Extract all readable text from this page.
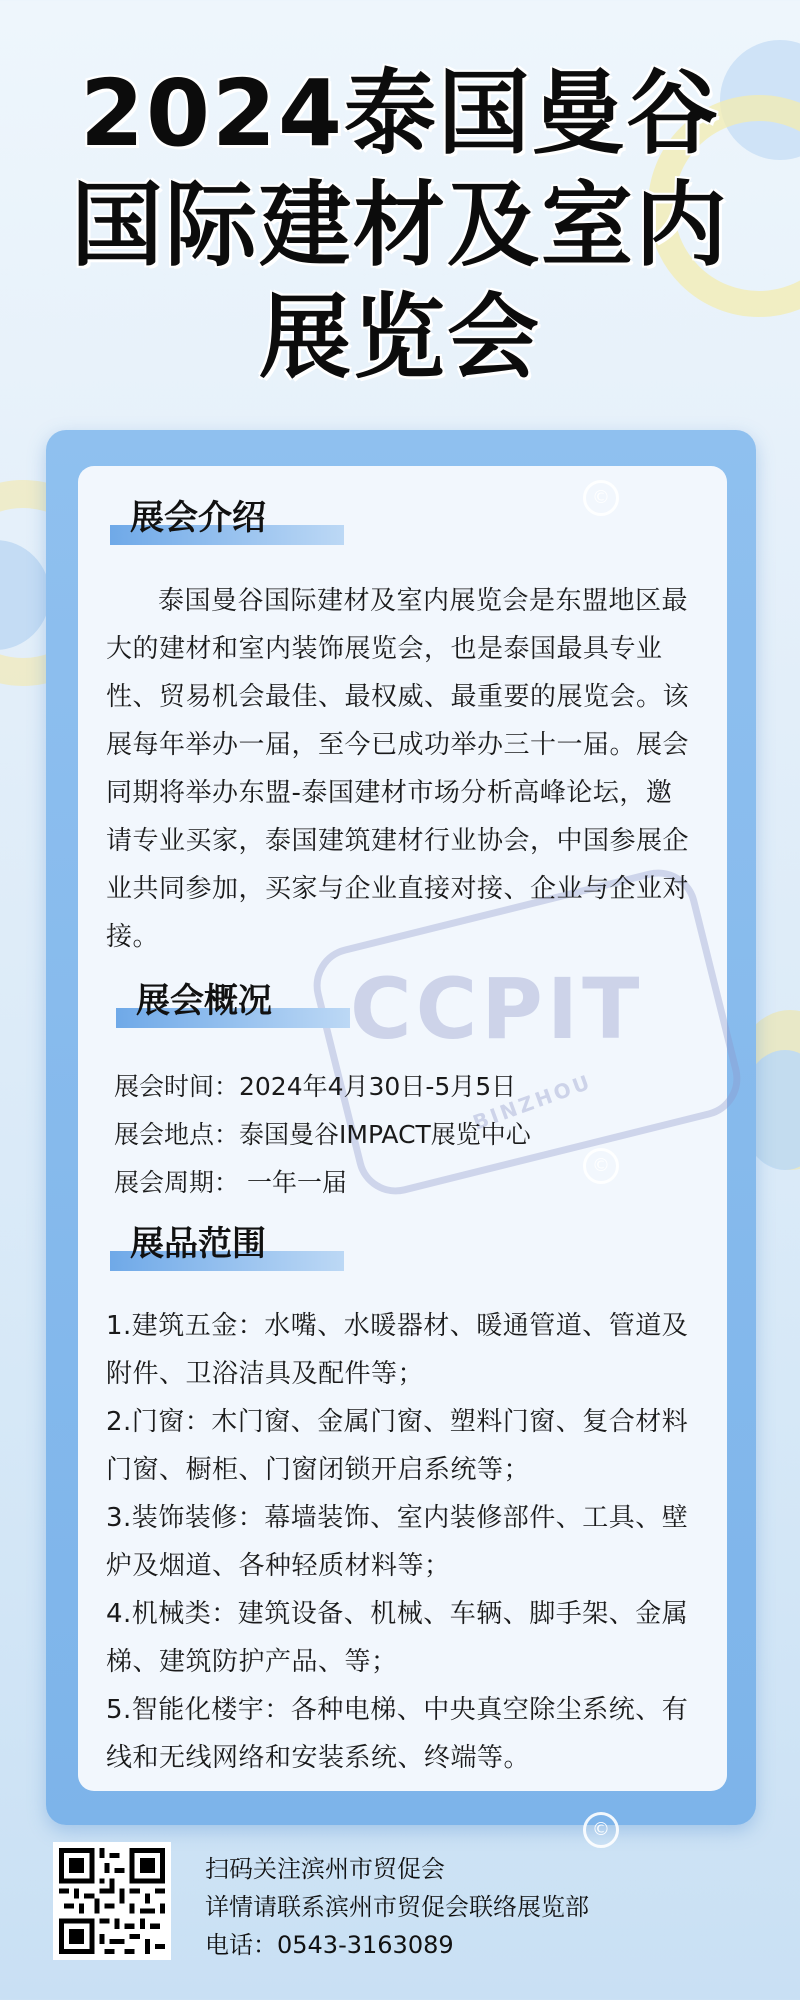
2024泰国曼谷
国际建材及室内
展览会
CCPIT
BINZHOU
©
©
©
展会介绍
泰国曼谷国际建材及室内展览会是东盟地区最大的建材和室内装饰展览会，也是泰国最具专业性、贸易机会最佳、最权威、最重要的展览会。该展每年举办一届，至今已成功举办三十一届。展会同期将举办东盟-泰国建材市场分析高峰论坛，邀请专业买家，泰国建筑建材行业协会，中国参展企业共同参加，买家与企业直接对接、企业与企业对接。
展会概况
展会时间：2024年4月30日-5月5日
展会地点：泰国曼谷IMPACT展览中心
展会周期： 一年一届
展品范围
1.建筑五金：水嘴、水暖器材、暖通管道、管道及附件、卫浴洁具及配件等；
2.门窗：木门窗、金属门窗、塑料门窗、复合材料门窗、橱柜、门窗闭锁开启系统等；
3.装饰装修：幕墙装饰、室内装修部件、工具、壁炉及烟道、各种轻质材料等；
4.机械类：建筑设备、机械、车辆、脚手架、金属梯、建筑防护产品、等；
5.智能化楼宇：各种电梯、中央真空除尘系统、有线和无线网络和安装系统、终端等。
扫码关注滨州市贸促会
详情请联系滨州市贸促会联络展览部
电话：0543-3163089
